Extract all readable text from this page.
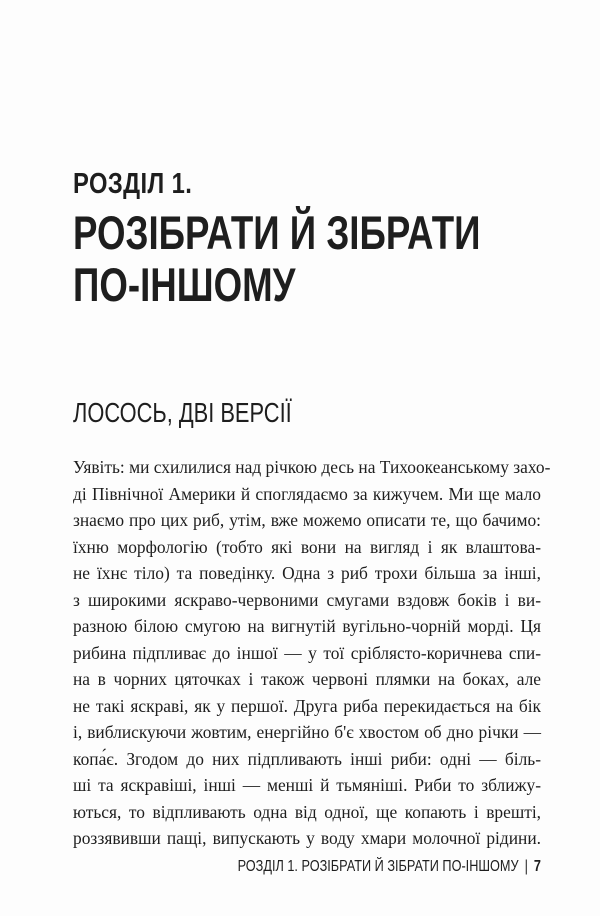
РОЗДІЛ 1.
РОЗІБРАТИ Й ЗІБРАТИ
ПО-ІНШОМУ
ЛОСОСЬ, ДВІ ВЕРСІЇ
Уявіть: ми схилилися над річкою десь на Тихоокеанському захо-
ді Північної Америки й споглядаємо за кижучем. Ми ще мало
знаємо про цих риб, утім, вже можемо описати те, що бачимо:
їхню морфологію (тобто які вони на вигляд і як влаштова-
не їхнє тіло) та поведінку. Одна з риб трохи більша за інші,
з широкими яскраво-червоними смугами вздовж боків і ви-
разною білою смугою на вигнутій вугільно-чорній морді. Ця
рибина підпливає до іншої — у тої сріблясто-коричнева спи-
на в чорних цяточках і також червоні плямки на боках, але
не такі яскраві, як у першої. Друга риба перекидається на бік
і, виблискуючи жовтим, енергійно б'є хвостом об дно річки —
копа́є. Згодом до них підпливають інші риби: одні — біль-
ші та яскравіші, інші — менші й тьмяніші. Риби то зближу-
ються, то відпливають одна від одної, ще копають і врешті,
роззявивши пащі, випускають у воду хмари молочної рідини.
РОЗДІЛ 1. РОЗІБРАТИ Й ЗІБРАТИ ПО-ІНШОМУ | 7
